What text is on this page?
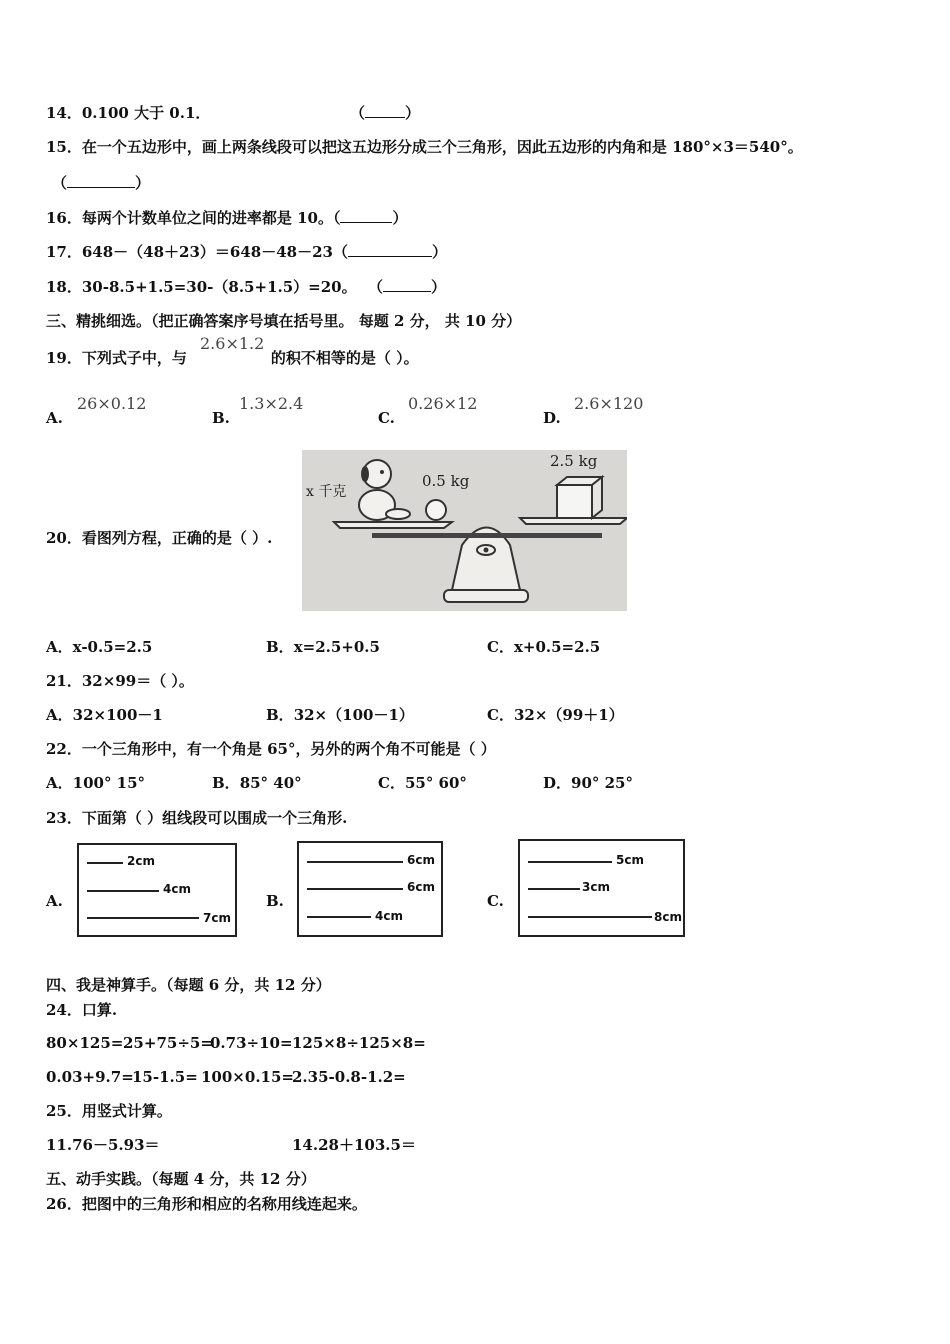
14．0.100 大于 0.1．	（	）
15．在一个五边形中，画上两条线段可以把这五边形分成三个三角形，因此五边形的内角和是 180°×3＝540°。
（	）
16．每两个计数单位之间的进率都是 10。（	）
17．648－（48＋23）＝648－48－23（	）
18．30-8.5+1.5=30-（8.5+1.5）=20。 （	）
三、精挑细选。（把正确答案序号填在括号里。 每题 2 分， 共 10 分）
19．下列式子中，与	的积不相等的是（ ）。
2.6×1.2
A.
26×0.12
B.
1.3×2.4
C.
0.26×12
D.
2.6×120
20．看图列方程，正确的是（ ）.
x 千克
0.5 kg
2.5 kg
A．x-0.5=2.5	B．x=2.5+0.5	C．x+0.5=2.5
21．32×99＝（ ）。
A．32×100－1	B．32×（100－1）	C．32×（99＋1）
22．一个三角形中，有一个角是 65°，另外的两个角不可能是（ ）
A．100° 15°	B．85° 40°	C．55° 60°	D．90° 25°
23．下面第（ ）组线段可以围成一个三角形.
A.
2cm
4cm
7cm
B.
6cm
6cm
4cm
C.
5cm
3cm
8cm
四、我是神算手。（每题 6 分，共 12 分）
24．口算.
80×125= 25+75÷5=
0.73÷10= 125×8÷125×8=
0.03+9.7=
15-1.5= 100×0.15=
2.35-0.8-1.2=
25．用竖式计算。
11.76－5.93＝	14.28＋103.5＝
五、动手实践。（每题 4 分，共 12 分）
26．把图中的三角形和相应的名称用线连起来。
